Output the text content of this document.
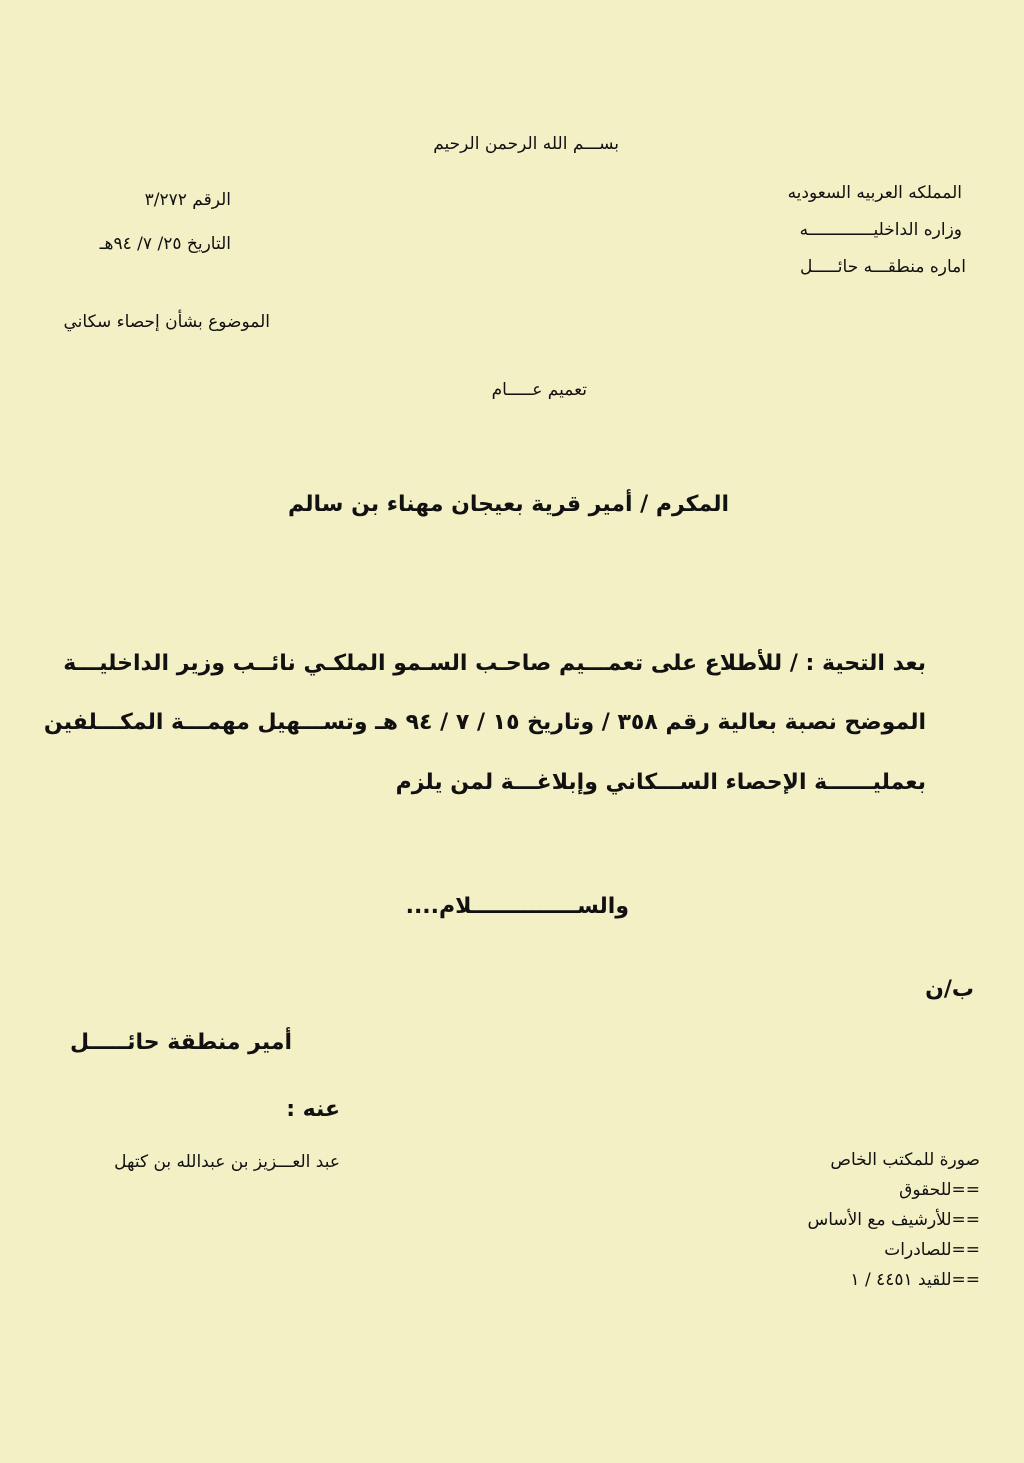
بســـم الله الرحمن الرحيم
المملكه العربيه السعوديه
وزاره الداخليـــــــــــــه
اماره منطقـــه حائـــــل
الرقم ٣/٢٧٢
التاريخ ٢٥/ ٧/ ٩٤هـ
الموضوع بشأن إحصاء سكاني
تعميم عـــــام
المكرم / أمير قرية بعيجان مهناء بن سالم
بعد التحية : / للأطلاع على تعمـــيم صاحـب السـمو الملكـي نائــب وزير الداخليـــة
الموضح نصبة بعالية رقم ٣٥٨ / وتاريخ ١٥ / ٧ / ٩٤ هـ وتســـهيل مهمـــة المكـــلفين
بعمليــــــة الإحصاء الســـكاني وإبلاغـــة لمن يلزم
والســــــــــــــلام....
ب/ن
أمير منطقة حائـــــل
عنه :
عبد العـــزيز بن عبدالله بن كتهل	صورة للمكتب الخاص
==للحقوق
==للأرشيف مع الأساس
==للصادرات
==للقيد ٤٤٥١ / ١
